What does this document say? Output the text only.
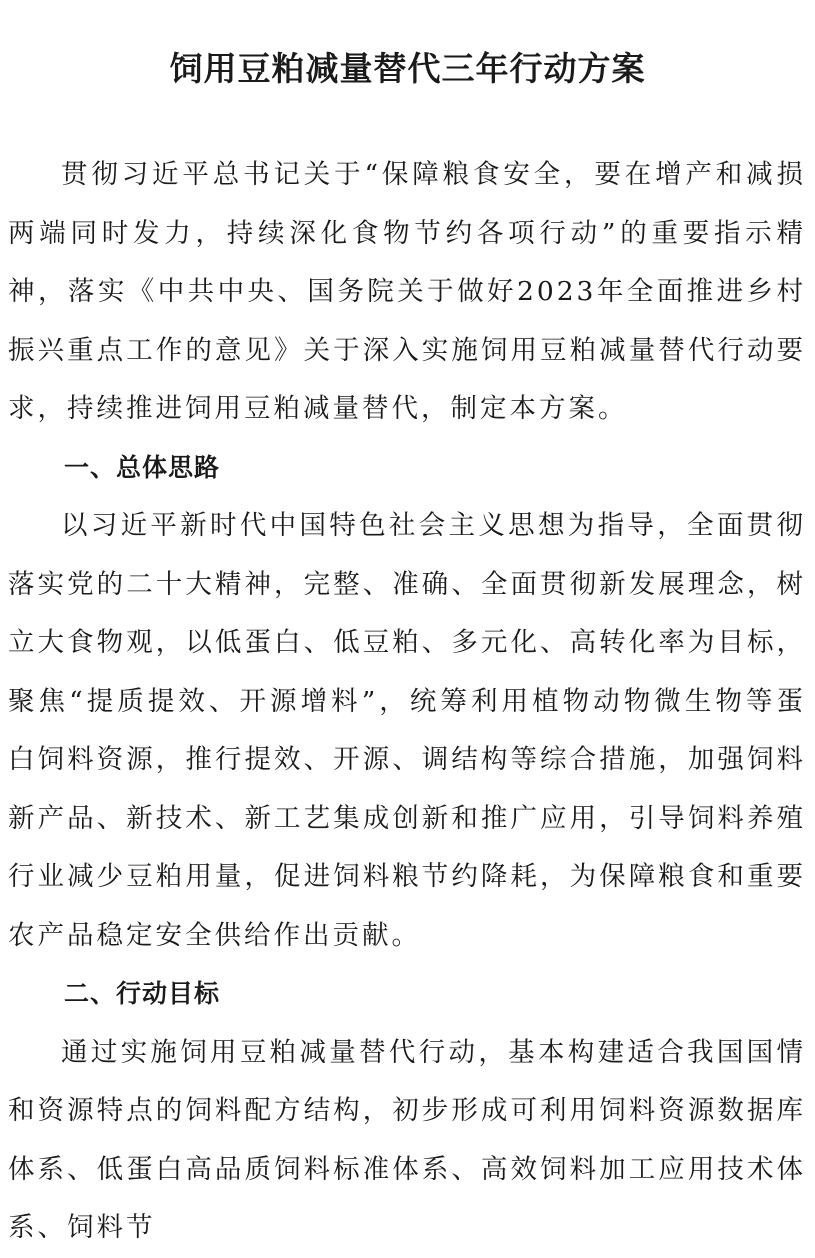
饲用豆粕减量替代三年行动方案

贯彻习近平总书记关于“保障粮食安全，要在增产和减损两端同时发力，持续深化食物节约各项行动”的重要指示精神，落实《中共中央、国务院关于做好2023年全面推进乡村振兴重点工作的意见》关于深入实施饲用豆粕减量替代行动要求，持续推进饲用豆粕减量替代，制定本方案。

一、总体思路

以习近平新时代中国特色社会主义思想为指导，全面贯彻落实党的二十大精神，完整、准确、全面贯彻新发展理念，树立大食物观，以低蛋白、低豆粕、多元化、高转化率为目标，聚焦“提质提效、开源增料”，统筹利用植物动物微生物等蛋白饲料资源，推行提效、开源、调结构等综合措施，加强饲料新产品、新技术、新工艺集成创新和推广应用，引导饲料养殖行业减少豆粕用量，促进饲料粮节约降耗，为保障粮食和重要农产品稳定安全供给作出贡献。

二、行动目标

通过实施饲用豆粕减量替代行动，基本构建适合我国国情和资源特点的饲料配方结构，初步形成可利用饲料资源数据库体系、低蛋白高品质饲料标准体系、高效饲料加工应用技术体系、饲料节
